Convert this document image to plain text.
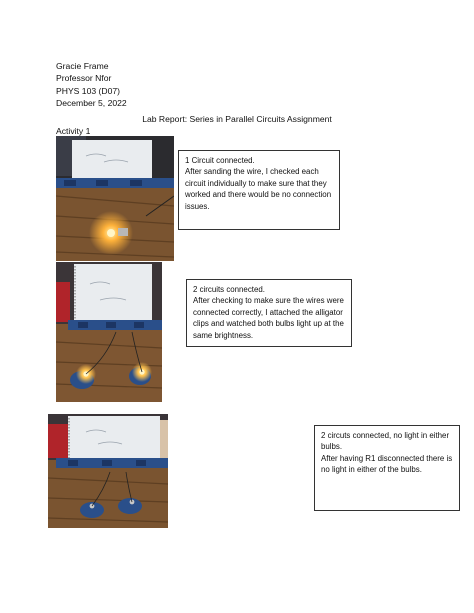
Gracie Frame
Professor Nfor
PHYS 103 (D07)
December 5, 2022
Lab Report: Series in Parallel Circuits Assignment
Activity 1

1 Circuit connected.

After sanding the wire, I checked each circuit individually to make sure that they worked and there would be no connection issues.

2 circuits connected.

After checking to make sure the wires were connected correctly, I attached the alligator clips and watched both bulbs light up at the same brightness.

2 circuts connected, no light in either bulbs.

After having R1 disconnected there is no light in either of the bulbs.
